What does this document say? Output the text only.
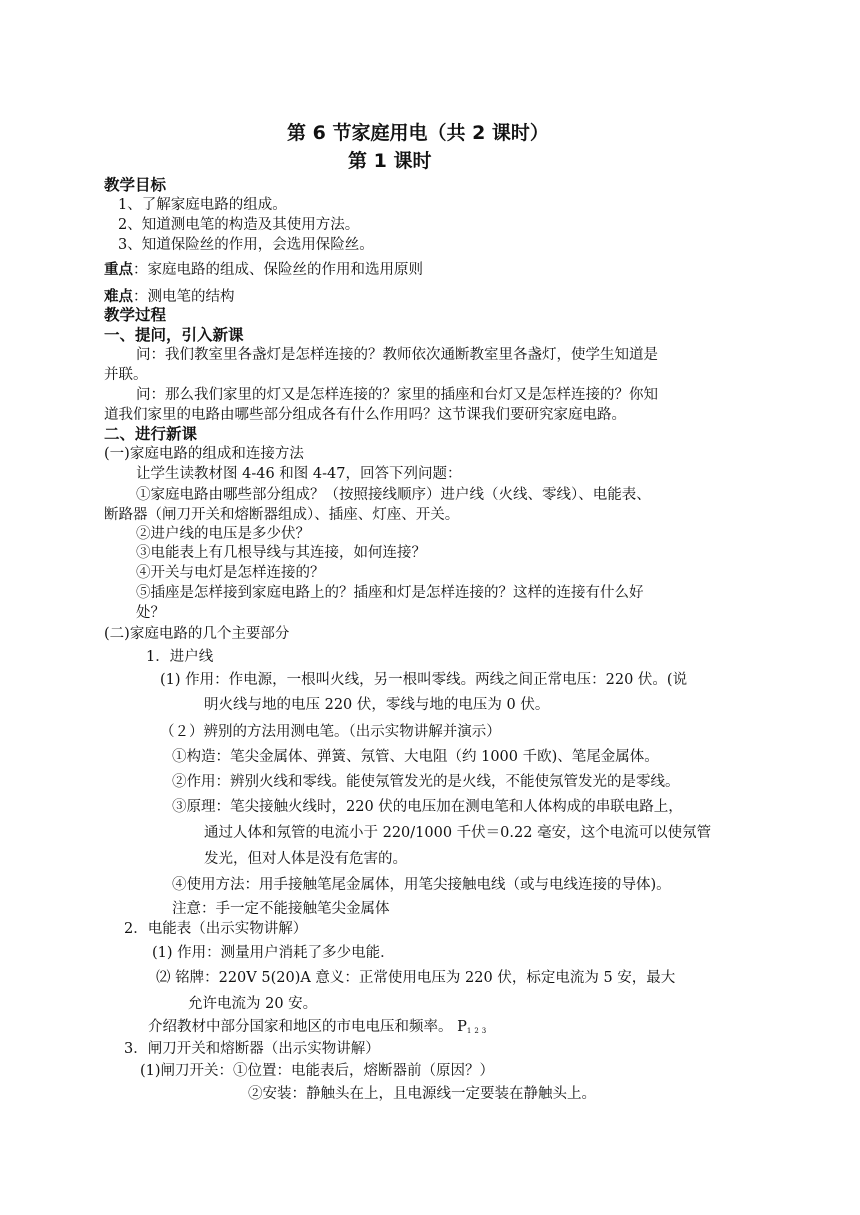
第 6 节家庭用电（共 2 课时）
第 1 课时
教学目标
1、了解家庭电路的组成。
2、知道测电笔的构造及其使用方法。
3、知道保险丝的作用，会选用保险丝。
重点：家庭电路的组成、保险丝的作用和选用原则
难点：测电笔的结构
教学过程
一、提问，引入新课
问：我们教室里各盏灯是怎样连接的？教师依次通断教室里各盏灯，使学生知道是
并联。
问：那么我们家里的灯又是怎样连接的？家里的插座和台灯又是怎样连接的？你知
道我们家里的电路由哪些部分组成各有什么作用吗？这节课我们要研究家庭电路。
二、进行新课
(一)家庭电路的组成和连接方法
让学生读教材图 4-46 和图 4-47，回答下列问题：
①家庭电路由哪些部分组成？（按照接线顺序）进户线（火线、零线）、电能表、
断路器（闸刀开关和熔断器组成）、插座、灯座、开关。
②进户线的电压是多少伏？
③电能表上有几根导线与其连接，如何连接？
④开关与电灯是怎样连接的？
⑤插座是怎样接到家庭电路上的？插座和灯是怎样连接的？这样的连接有什么好
处？
(二)家庭电路的几个主要部分
1．进户线
(1) 作用：作电源，一根叫火线，另一根叫零线。两线之间正常电压：220 伏。(说
明火线与地的电压 220 伏，零线与地的电压为 0 伏。
（２）辨别的方法用测电笔。（出示实物讲解并演示）
①构造：笔尖金属体、弹簧、氖管、大电阻（约 1000 千欧)、笔尾金属体。
②作用：辨别火线和零线。能使氖管发光的是火线，不能使氖管发光的是零线。
③原理：笔尖接触火线时，220 伏的电压加在测电笔和人体构成的串联电路上，
通过人体和氖管的电流小于 220/1000 千伏＝0.22 毫安，这个电流可以使氖管
发光，但对人体是没有危害的。
④使用方法：用手接触笔尾金属体，用笔尖接触电线（或与电线连接的导体)。
注意：手一定不能接触笔尖金属体
2．电能表（出示实物讲解）
(1) 作用：测量用户消耗了多少电能．
⑵ 铭牌：220V 5(20)A 意义：正常使用电压为 220 伏，标定电流为 5 安，最大
允许电流为 20 安。
介绍教材中部分国家和地区的市电电压和频率。 P123
3．闸刀开关和熔断器（出示实物讲解）
(1)闸刀开关：①位置：电能表后，熔断器前（原因？）
②安装：静触头在上，且电源线一定要装在静触头上。
